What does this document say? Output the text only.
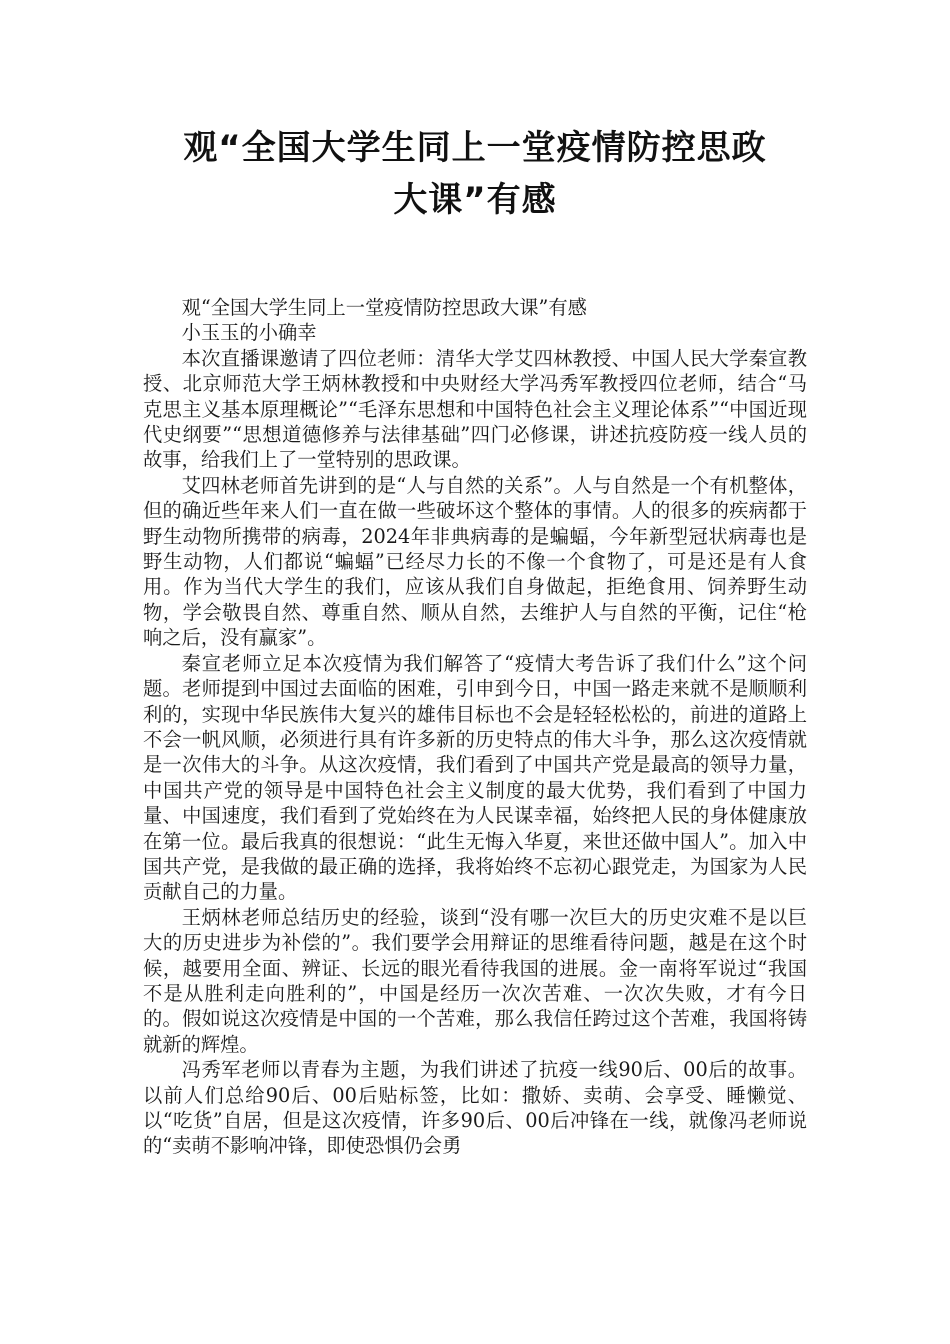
观“全国大学生同上一堂疫情防控思政
大课”有感

观“全国大学生同上一堂疫情防控思政大课”有感

小玉玉的小确幸

本次直播课邀请了四位老师：清华大学艾四林教授、中国人民大学秦宣教授、北京师范大学王炳林教授和中央财经大学冯秀军教授四位老师，结合“马克思主义基本原理概论”“毛泽东思想和中国特色社会主义理论体系”“中国近现代史纲要”“思想道德修养与法律基础”四门必修课，讲述抗疫防疫一线人员的故事，给我们上了一堂特别的思政课。

艾四林老师首先讲到的是“人与自然的关系”。人与自然是一个有机整体，但的确近些年来人们一直在做一些破坏这个整体的事情。人的很多的疾病都于野生动物所携带的病毒，2024年非典病毒的是蝙蝠，今年新型冠状病毒也是野生动物，人们都说“蝙蝠”已经尽力长的不像一个食物了，可是还是有人食用。作为当代大学生的我们，应该从我们自身做起，拒绝食用、饲养野生动物，学会敬畏自然、尊重自然、顺从自然，去维护人与自然的平衡，记住“枪响之后，没有赢家”。

秦宣老师立足本次疫情为我们解答了“疫情大考告诉了我们什么”这个问题。老师提到中国过去面临的困难，引申到今日，中国一路走来就不是顺顺利利的，实现中华民族伟大复兴的雄伟目标也不会是轻轻松松的，前进的道路上不会一帆风顺，必须进行具有许多新的历史特点的伟大斗争，那么这次疫情就是一次伟大的斗争。从这次疫情，我们看到了中国共产党是最高的领导力量，中国共产党的领导是中国特色社会主义制度的最大优势，我们看到了中国力量、中国速度，我们看到了党始终在为人民谋幸福，始终把人民的身体健康放在第一位。最后我真的很想说：“此生无悔入华夏，来世还做中国人”。加入中国共产党，是我做的最正确的选择，我将始终不忘初心跟党走，为国家为人民贡献自己的力量。

王炳林老师总结历史的经验，谈到“没有哪一次巨大的历史灾难不是以巨大的历史进步为补偿的”。我们要学会用辩证的思维看待问题，越是在这个时候，越要用全面、辨证、长远的眼光看待我国的进展。金一南将军说过“我国不是从胜利走向胜利的”，中国是经历一次次苦难、一次次失败，才有今日的。假如说这次疫情是中国的一个苦难，那么我信任跨过这个苦难，我国将铸就新的辉煌。

冯秀军老师以青春为主题，为我们讲述了抗疫一线90后、00后的故事。以前人们总给90后、00后贴标签，比如：撒娇、卖萌、会享受、睡懒觉、以“吃货”自居，但是这次疫情，许多90后、00后冲锋在一线，就像冯老师说的“卖萌不影响冲锋，即使恐惧仍会勇
